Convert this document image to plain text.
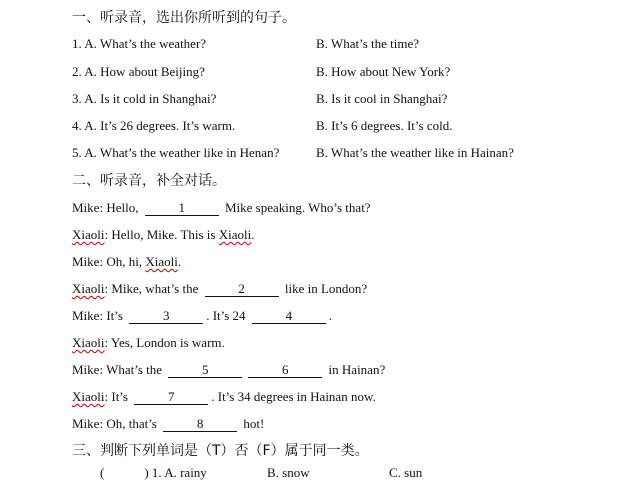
一、听录音，选出你所听到的句子。
1. A. What’s the weather?	B. What’s the time?
2. A. How about Beijing?	B. How about New York?
3. A. Is it cold in Shanghai?	B. Is it cool in Shanghai?
4. A. It’s 26 degrees. It’s warm.	B. It’s 6 degrees. It’s cold.
5. A. What’s the weather like in Henan?	B. What’s the weather like in Hainan?
二、听录音，补全对话。
Mike: Hello,	1	Mike speaking. Who’s that?
Xiaoli: Hello, Mike. This is Xiaoli.
Mike: Oh, hi, Xiaoli.
Xiaoli: Mike, what’s the	2	like in London?
Mike: It’s	3	. It’s 24	4	.
Xiaoli: Yes, London is warm.
Mike: What’s the	5	6	in Hainan?
Xiaoli: It’s	7	. It’s 34 degrees in Hainan now.
Mike: Oh, that’s	8	hot!
三、判断下列单词是（T）否（F）属于同一类。
(	) 1. A. rainy	B. snow	C. sun
